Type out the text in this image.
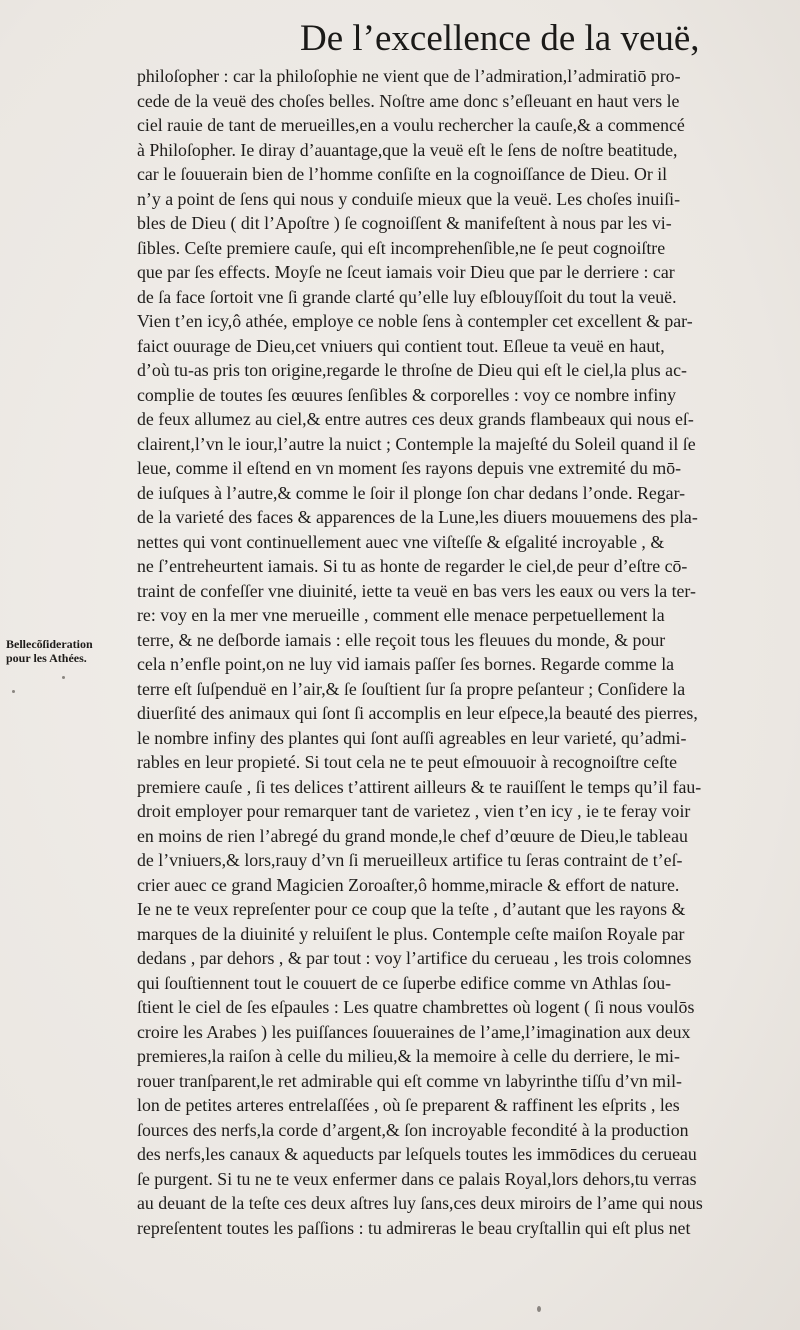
De l’excellence de la veuë,
Bellecõſideration
pour les Athées.
philoſopher : car la philoſophie ne vient que de l’admiration,l’admiratiō pro-
cede de la veuë des choſes belles. Noſtre ame donc s’eſleuant en haut vers le
ciel rauie de tant de merueilles,en a voulu rechercher la cauſe,& a commencé
à Philoſopher. Ie diray d’auantage,que la veuë eſt le ſens de noſtre beatitude,
car le ſouuerain bien de l’homme conſiſte en la cognoiſſance de Dieu. Or il
n’y a point de ſens qui nous y conduiſe mieux que la veuë. Les choſes inuiſi-
bles de Dieu ( dit l’Apoſtre ) ſe cognoiſſent & manifeſtent à nous par les vi-
ſibles. Ceſte premiere cauſe, qui eſt incomprehenſible,ne ſe peut cognoiſtre
que par ſes effects. Moyſe ne ſceut iamais voir Dieu que par le derriere : car
de ſa face ſortoit vne ſi grande clarté qu’elle luy eſblouyſſoit du tout la veuë.
Vien t’en icy,ô athée, employe ce noble ſens à contempler cet excellent & par-
faict ouurage de Dieu,cet vniuers qui contient tout. Eſleue ta veuë en haut,
d’où tu-as pris ton origine,regarde le throſne de Dieu qui eſt le ciel,la plus ac-
complie de toutes ſes œuures ſenſibles & corporelles : voy ce nombre infiny
de feux allumez au ciel,& entre autres ces deux grands flambeaux qui nous eſ-
clairent,l’vn le iour,l’autre la nuict ; Contemple la majeſté du Soleil quand il ſe
leue, comme il eſtend en vn moment ſes rayons depuis vne extremité du mō-
de iuſques à l’autre,& comme le ſoir il plonge ſon char dedans l’onde. Regar-
de la varieté des faces & apparences de la Lune,les diuers mouuemens des pla-
nettes qui vont continuellement auec vne viſteſſe & eſgalité incroyable , &
ne ſ’entreheurtent iamais. Si tu as honte de regarder le ciel,de peur d’eſtre cō-
traint de confeſſer vne diuinité, iette ta veuë en bas vers les eaux ou vers la ter-
re: voy en la mer vne merueille , comment elle menace perpetuellement la
terre, & ne deſborde iamais : elle reçoit tous les fleuues du monde, & pour
cela n’enfle point,on ne luy vid iamais paſſer ſes bornes. Regarde comme la
terre eſt ſuſpenduë en l’air,& ſe ſouſtient ſur ſa propre peſanteur ; Conſidere la
diuerſité des animaux qui ſont ſi accomplis en leur eſpece,la beauté des pierres,
le nombre infiny des plantes qui ſont auſſi agreables en leur varieté, qu’admi-
rables en leur propieté. Si tout cela ne te peut eſmouuoir à recognoiſtre ceſte
premiere cauſe , ſi tes delices t’attirent ailleurs & te rauiſſent le temps qu’il fau-
droit employer pour remarquer tant de varietez , vien t’en icy , ie te feray voir
en moins de rien l’abregé du grand monde,le chef d’œuure de Dieu,le tableau
de l’vniuers,& lors,rauy d’vn ſi merueilleux artifice tu ſeras contraint de t’eſ-
crier auec ce grand Magicien Zoroaſter,ô homme,miracle & effort de nature.
Ie ne te veux repreſenter pour ce coup que la teſte , d’autant que les rayons &
marques de la diuinité y reluiſent le plus. Contemple ceſte maiſon Royale par
dedans , par dehors , & par tout : voy l’artifice du cerueau , les trois colomnes
qui ſouſtiennent tout le couuert de ce ſuperbe edifice comme vn Athlas ſou-
ſtient le ciel de ſes eſpaules : Les quatre chambrettes où logent ( ſi nous voulōs
croire les Arabes ) les puiſſances ſouueraines de l’ame,l’imagination aux deux
premieres,la raiſon à celle du milieu,& la memoire à celle du derriere, le mi-
rouer tranſparent,le ret admirable qui eſt comme vn labyrinthe tiſſu d’vn mil-
lon de petites arteres entrelaſſées , où ſe preparent & raffinent les eſprits , les
ſources des nerfs,la corde d’argent,& ſon incroyable fecondité à la production
des nerfs,les canaux & aqueducts par leſquels toutes les immōdices du cerueau
ſe purgent. Si tu ne te veux enfermer dans ce palais Royal,lors dehors,tu verras
au deuant de la teſte ces deux aſtres luy ſans,ces deux miroirs de l’ame qui nous
repreſentent toutes les paſſions : tu admireras le beau cryſtallin qui eſt plus net
